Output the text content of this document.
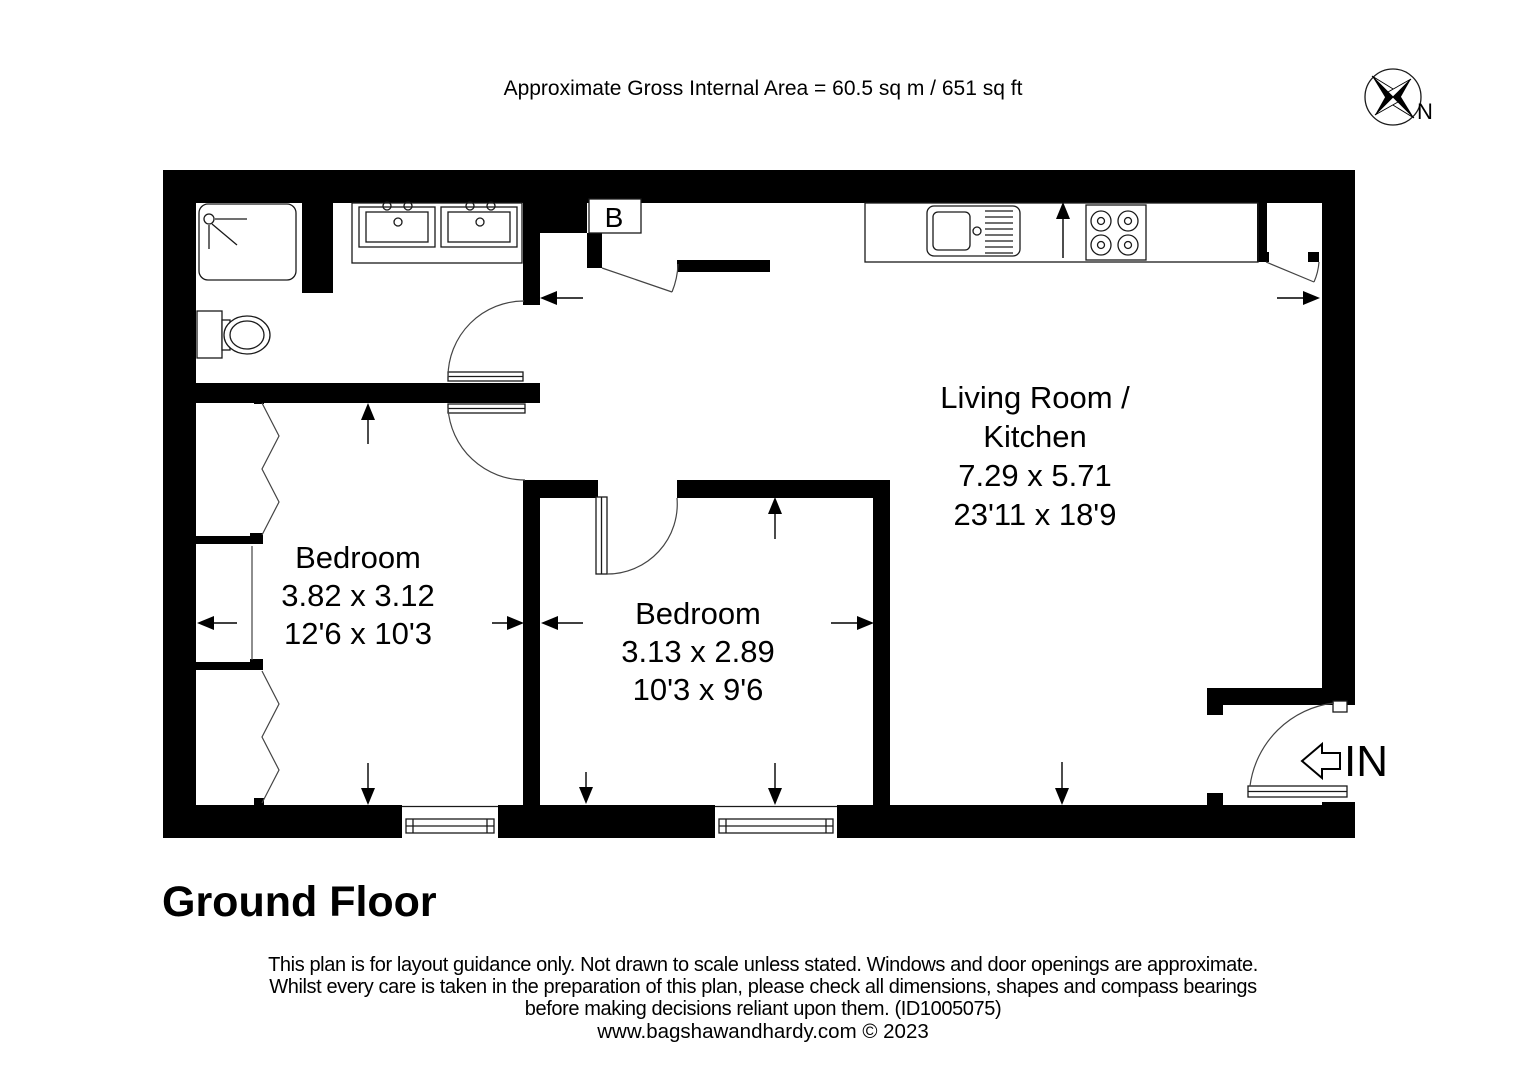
Approximate Gross Internal Area = 60.5 sq m / 651 sq ft
N
B
IN
Living Room /
Kitchen
7.29 x 5.71
23'11 x 18'9
Bedroom
3.82 x 3.12
12'6 x 10'3
Bedroom
3.13 x 2.89
10'3 x 9'6
Ground Floor
This plan is for layout guidance only. Not drawn to scale unless stated. Windows and door openings are approximate.
Whilst every care is taken in the preparation of this plan, please check all dimensions, shapes and compass bearings
before making decisions reliant upon them. (ID1005075)
www.bagshawandhardy.com © 2023
